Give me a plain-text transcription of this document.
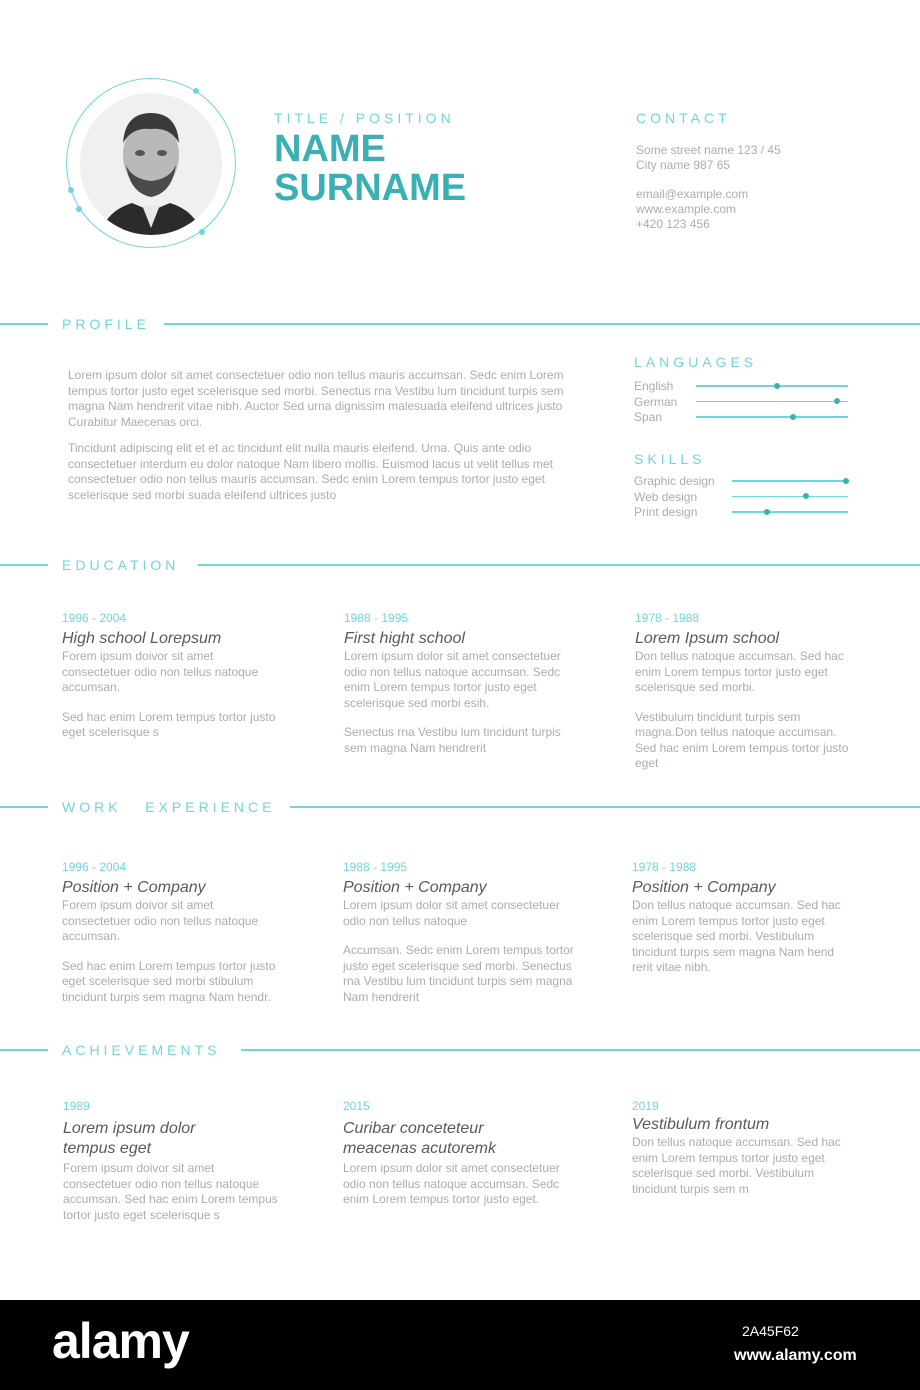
TITLE / POSITION
NAME
SURNAME
CONTACT
Some street name 123 / 45
City name 987 65
email@example.com
www.example.com
+420 123 456
PROFILE
Lorem ipsum dolor sit amet consectetuer odio non tellus mauris accumsan. Sedc enim Lorem tempus tortor justo eget scelerisque sed morbi. Senectus rna Vestibu lum tincidunt turpis sem magna Nam hendrerit vitae nibh. Auctor Sed urna dignissim malesuada eleifend ultrices justo Curabitur Maecenas orci.
Tincidunt adipiscing elit et et ac tincidunt elit nulla mauris eleifend. Urna. Quis ante odio consectetuer interdum eu dolor natoque Nam libero mollis. Euismod lacus ut velit tellus met consectetuer odio non tellus mauris accumsan. Sedc enim Lorem tempus tortor justo eget scelerisque sed morbi suada eleifend ultrices justo
LANGUAGES
English
German
Span
SKILLS
Graphic design
Web design
Print design
EDUCATION
1996 - 2004
High school Lorepsum
Forem ipsum doivor sit amet consectetuer odio non tellus natoque accumsan.
Sed hac enim Lorem tempus tortor justo eget scelerisque s
1988 - 1995
First hight school
Lorem ipsum dolor sit amet consectetuer odio non tellus natoque accumsan. Sedc enim Lorem tempus tortor justo eget scelerisque sed morbi esih.
Senectus rna Vestibu lum tincidunt turpis sem magna Nam hendrerit
1978 - 1988
Lorem Ipsum school
Don tellus natoque accumsan. Sed hac enim Lorem tempus tortor justo eget scelerisque sed morbi.
Vestibulum tincidunt turpis sem magna.Don tellus natoque accumsan. Sed hac enim Lorem tempus tortor justo eget
WORK   EXPERIENCE
1996 - 2004
Position + Company
Forem ipsum doivor sit amet consectetuer odio non tellus natoque accumsan.
Sed hac enim Lorem tempus tortor justo eget scelerisque sed morbi stibulum tincidunt turpis sem magna Nam hendr.
1988 - 1995
Position + Company
Lorem ipsum dolor sit amet consectetuer odio non tellus natoque
Accumsan. Sedc enim Lorem tempus tortor justo eget scelerisque sed morbi. Senectus rna Vestibu lum tincidunt turpis sem magna Nam hendrerit
1978 - 1988
Position + Company
Don tellus natoque accumsan. Sed hac enim Lorem tempus tortor justo eget scelerisque sed morbi. Vestibulum tincidunt turpis sem magna Nam hend rerit vitae nibh.
ACHIEVEMENTS
1989
Lorem ipsum dolor
tempus eget
Forem ipsum doivor sit amet consectetuer odio non tellus natoque accumsan. Sed hac enim Lorem tempus tortor justo eget scelerisque s
2015
Curibar conceteteur
meacenas acutoremk
Lorem ipsum dolor sit amet consectetuer odio non tellus natoque accumsan. Sedc enim Lorem tempus tortor justo eget.
2019
Vestibulum frontum
Don tellus natoque accumsan. Sed hac enim Lorem tempus tortor justo eget scelerisque sed morbi. Vestibulum tincidunt turpis sem m
alamy	2A45F62
www.alamy.com
